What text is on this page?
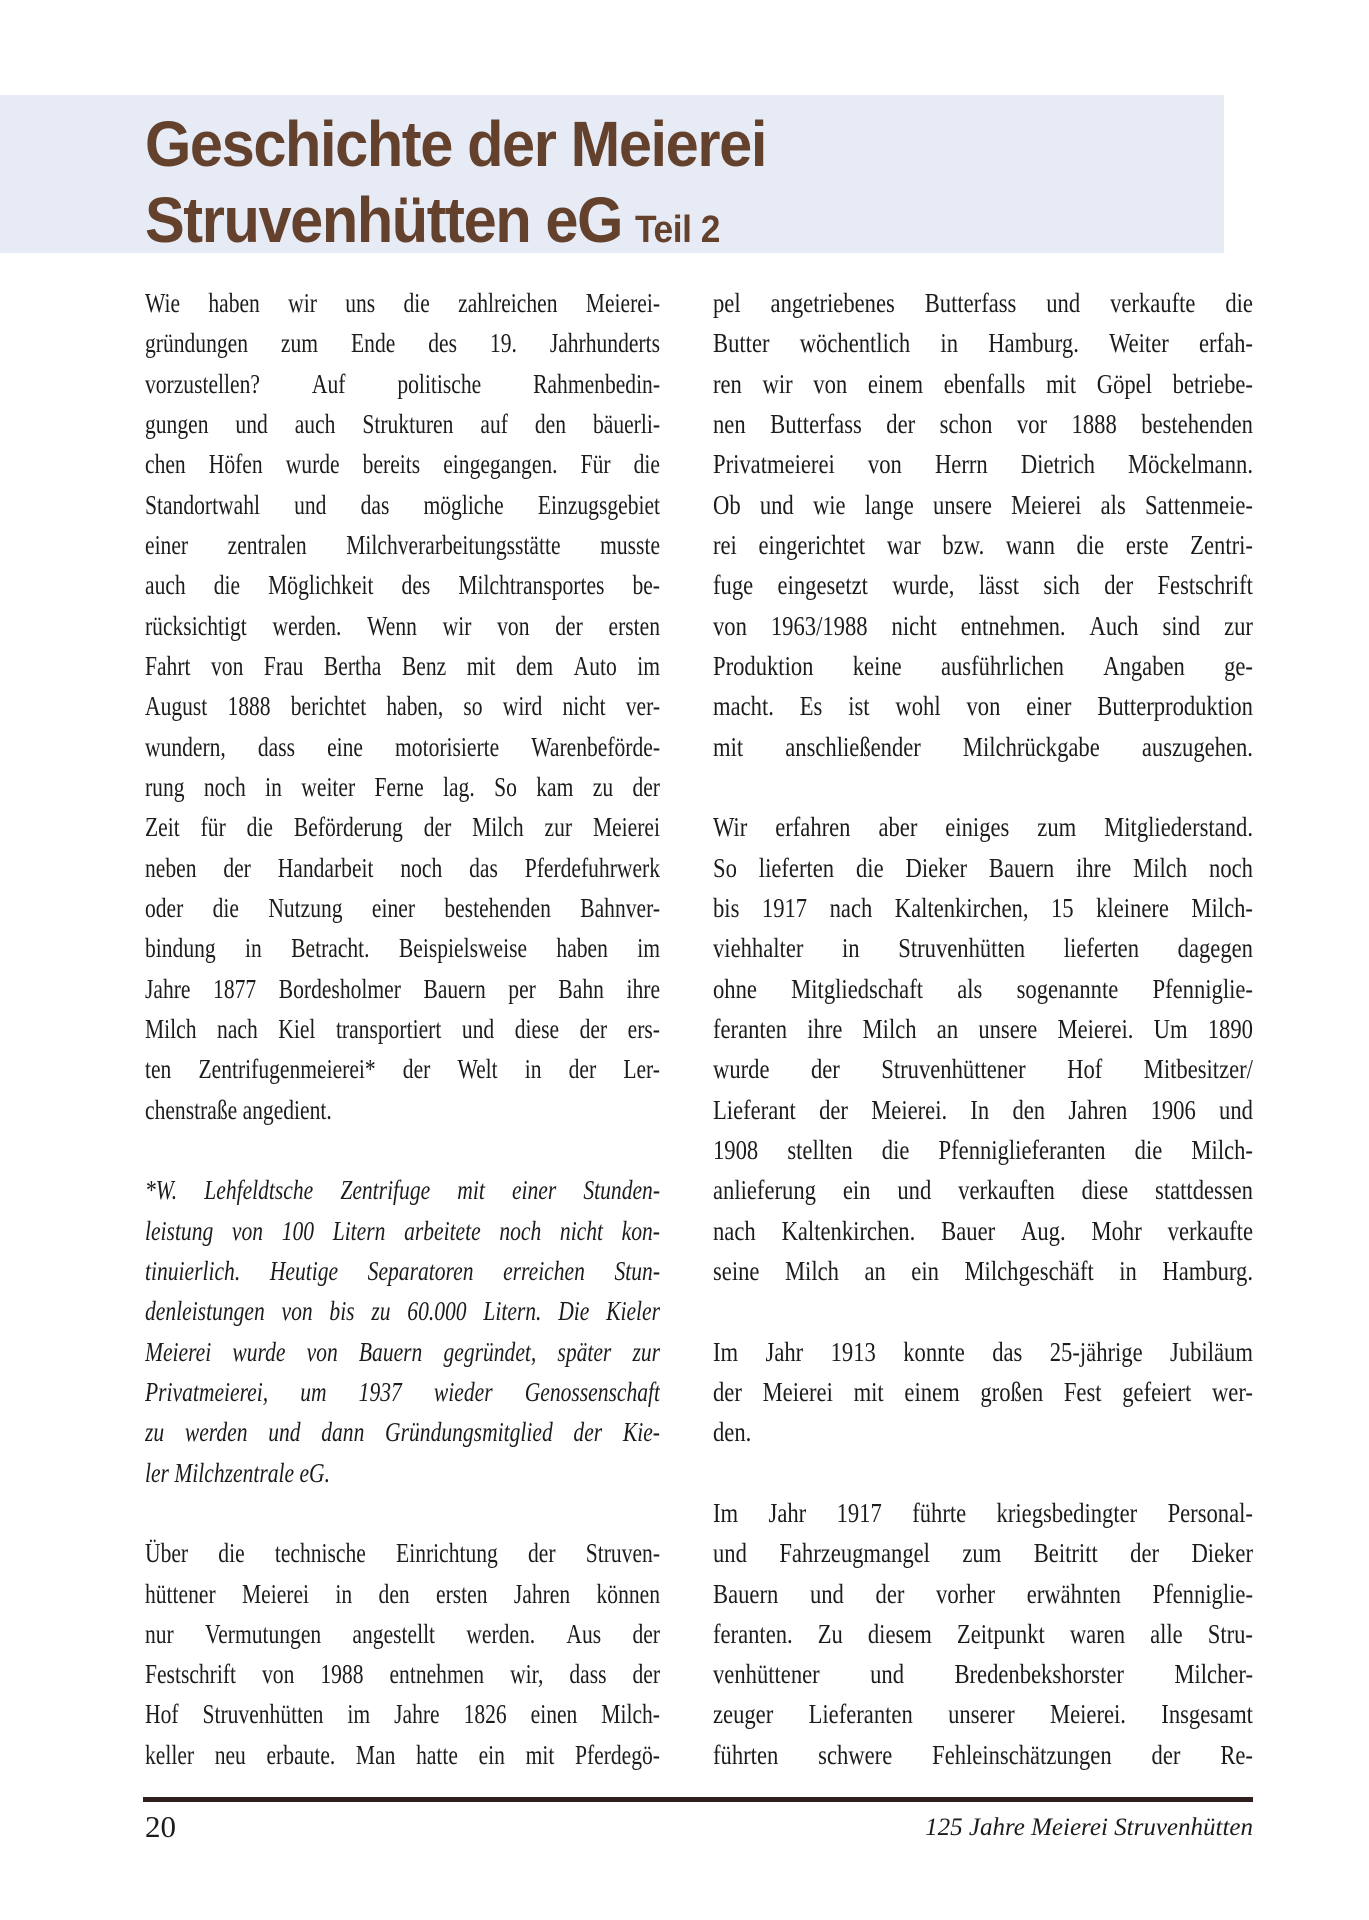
Geschichte der Meierei
Struvenhütten eG Teil 2
Wie haben wir uns die zahlreichen Meierei-
gründungen zum Ende des 19. Jahrhunderts
vorzustellen? Auf politische Rahmenbedin-
gungen und auch Strukturen auf den bäuerli-
chen Höfen wurde bereits eingegangen. Für die
Standortwahl und das mögliche Einzugsgebiet
einer zentralen Milchverarbeitungsstätte musste
auch die Möglichkeit des Milchtransportes be-
rücksichtigt werden. Wenn wir von der ersten
Fahrt von Frau Bertha Benz mit dem Auto im
August 1888 berichtet haben, so wird nicht ver-
wundern, dass eine motorisierte Warenbeförde-
rung noch in weiter Ferne lag. So kam zu der
Zeit für die Beförderung der Milch zur Meierei
neben der Handarbeit noch das Pferdefuhrwerk
oder die Nutzung einer bestehenden Bahnver-
bindung in Betracht. Beispielsweise haben im
Jahre 1877 Bordesholmer Bauern per Bahn ihre
Milch nach Kiel transportiert und diese der ers-
ten Zentrifugenmeierei* der Welt in der Ler-
chenstraße angedient.
*W. Lehfeldtsche Zentrifuge mit einer Stunden-
leistung von 100 Litern arbeitete noch nicht kon-
tinuierlich. Heutige Separatoren erreichen Stun-
denleistungen von bis zu 60.000 Litern. Die Kieler
Meierei wurde von Bauern gegründet, später zur
Privatmeierei, um 1937 wieder Genossenschaft
zu werden und dann Gründungsmitglied der Kie-
ler Milchzentrale eG.
Über die technische Einrichtung der Struven-
hüttener Meierei in den ersten Jahren können
nur Vermutungen angestellt werden. Aus der
Festschrift von 1988 entnehmen wir, dass der
Hof Struvenhütten im Jahre 1826 einen Milch-
keller neu erbaute. Man hatte ein mit Pferdegö-
pel angetriebenes Butterfass und verkaufte die
Butter wöchentlich in Hamburg. Weiter erfah-
ren wir von einem ebenfalls mit Göpel betriebe-
nen Butterfass der schon vor 1888 bestehenden
Privatmeierei von Herrn Dietrich Möckelmann.
Ob und wie lange unsere Meierei als Sattenmeie-
rei eingerichtet war bzw. wann die erste Zentri-
fuge eingesetzt wurde, lässt sich der Festschrift
von 1963/1988 nicht entnehmen. Auch sind zur
Produktion keine ausführlichen Angaben ge-
macht. Es ist wohl von einer Butterproduktion
mit anschließender Milchrückgabe auszugehen.
Wir erfahren aber einiges zum Mitgliederstand.
So lieferten die Dieker Bauern ihre Milch noch
bis 1917 nach Kaltenkirchen, 15 kleinere Milch-
viehhalter in Struvenhütten lieferten dagegen
ohne Mitgliedschaft als sogenannte Pfenniglie-
feranten ihre Milch an unsere Meierei. Um 1890
wurde der Struvenhüttener Hof Mitbesitzer/
Lieferant der Meierei. In den Jahren 1906 und
1908 stellten die Pfenniglieferanten die Milch-
anlieferung ein und verkauften diese stattdessen
nach Kaltenkirchen. Bauer Aug. Mohr verkaufte
seine Milch an ein Milchgeschäft in Hamburg.
Im Jahr 1913 konnte das 25-jährige Jubiläum
der Meierei mit einem großen Fest gefeiert wer-
den.
Im Jahr 1917 führte kriegsbedingter Personal-
und Fahrzeugmangel zum Beitritt der Dieker
Bauern und der vorher erwähnten Pfenniglie-
feranten. Zu diesem Zeitpunkt waren alle Stru-
venhüttener und Bredenbekshorster Milcher-
zeuger Lieferanten unserer Meierei. Insgesamt
führten schwere Fehleinschätzungen der Re-
20	125 Jahre Meierei Struvenhütten
